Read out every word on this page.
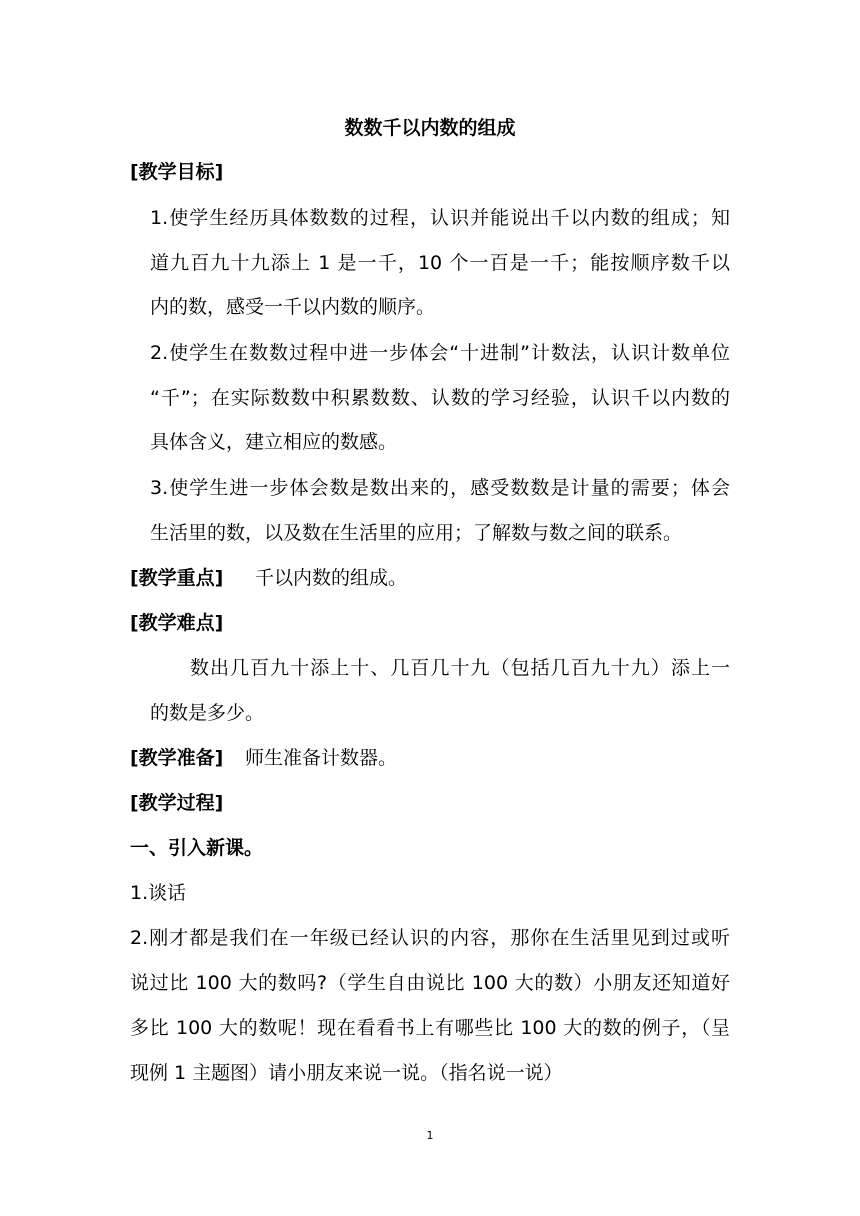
数数千以内数的组成
[教学目标]
1.使学生经历具体数数的过程，认识并能说出千以内数的组成；知
道九百九十九添上 1 是一千，10 个一百是一千；能按顺序数千以
内的数，感受一千以内数的顺序。
2.使学生在数数过程中进一步体会“十进制”计数法，认识计数单位
“千”；在实际数数中积累数数、认数的学习经验，认识千以内数的
具体含义，建立相应的数感。
3.使学生进一步体会数是数出来的，感受数数是计量的需要；体会
生活里的数，以及数在生活里的应用；了解数与数之间的联系。
[教学重点] 千以内数的组成。
[教学难点]
数出几百九十添上十、几百几十九（包括几百九十九）添上一
的数是多少。
[教学准备] 师生准备计数器。
[教学过程]
一、引入新课。
1.谈话
2.刚才都是我们在一年级已经认识的内容，那你在生活里见到过或听
说过比 100 大的数吗?（学生自由说比 100 大的数）小朋友还知道好
多比 100 大的数呢！现在看看书上有哪些比 100 大的数的例子，（呈
现例 1 主题图）请小朋友来说一说。（指名说一说）
1
